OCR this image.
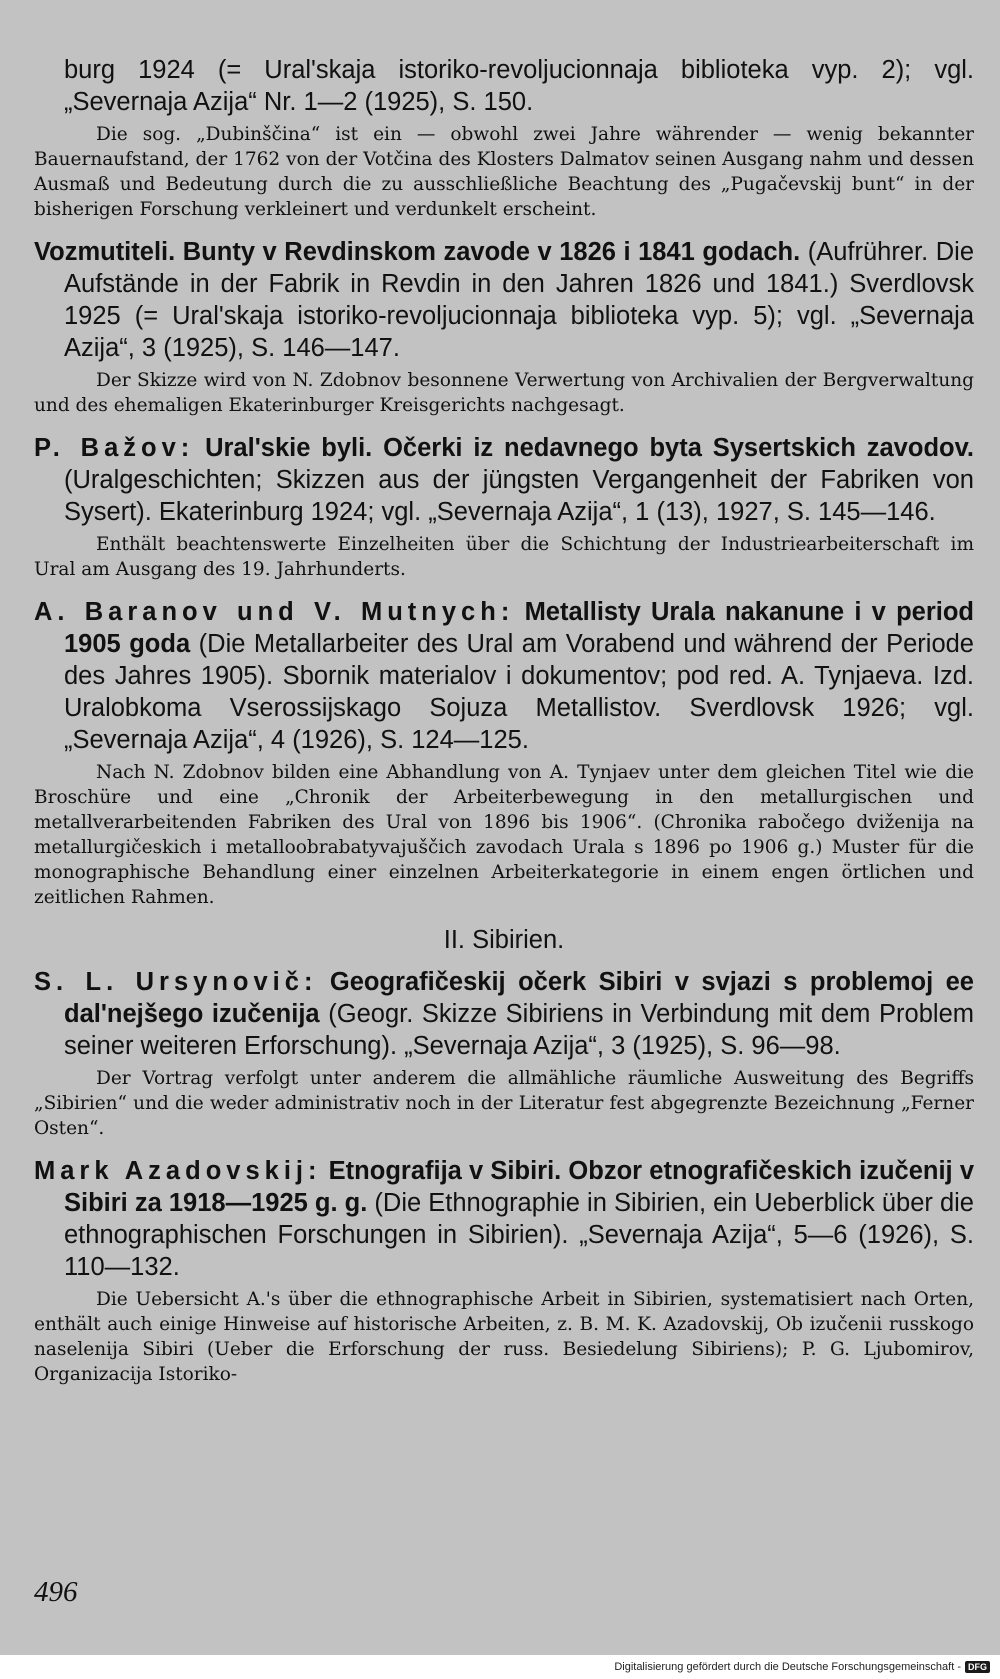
burg 1924 (= Ural'skaja istoriko-revoljucionnaja biblioteka vyp. 2); vgl. „Severnaja Azija“ Nr. 1—2 (1925), S. 150.
Die sog. „Dubinščina“ ist ein — obwohl zwei Jahre währender — wenig bekannter Bauernaufstand, der 1762 von der Votčina des Klosters Dalmatov seinen Ausgang nahm und dessen Ausmaß und Bedeutung durch die zu ausschließliche Beachtung des „Pugačevskij bunt“ in der bisherigen Forschung verkleinert und verdunkelt erscheint.
Vozmutiteli. Bunty v Revdinskom zavode v 1826 i 1841 godach. (Aufrührer. Die Aufstände in der Fabrik in Revdin in den Jahren 1826 und 1841.) Sverdlovsk 1925 (= Ural'skaja istoriko-revoljucionnaja biblioteka vyp. 5); vgl. „Severnaja Azija“, 3 (1925), S. 146—147.
Der Skizze wird von N. Zdobnov besonnene Verwertung von Archivalien der Bergverwaltung und des ehemaligen Ekaterinburger Kreisgerichts nachgesagt.
P. Bažov: Ural'skie byli. Očerki iz nedavnego byta Sysertskich zavodov. (Uralgeschichten; Skizzen aus der jüngsten Vergangenheit der Fabriken von Sysert). Ekaterinburg 1924; vgl. „Severnaja Azija“, 1 (13), 1927, S. 145—146.
Enthält beachtenswerte Einzelheiten über die Schichtung der Industriearbeiterschaft im Ural am Ausgang des 19. Jahrhunderts.
A. Baranov und V. Mutnych: Metallisty Urala nakanune i v period 1905 goda (Die Metallarbeiter des Ural am Vorabend und während der Periode des Jahres 1905). Sbornik materialov i dokumentov; pod red. A. Tynjaeva. Izd. Uralobkoma Vserossijskago Sojuza Metallistov. Sverdlovsk 1926; vgl. „Severnaja Azija“, 4 (1926), S. 124—125.
Nach N. Zdobnov bilden eine Abhandlung von A. Tynjaev unter dem gleichen Titel wie die Broschüre und eine „Chronik der Arbeiterbewegung in den metallurgischen und metallverarbeitenden Fabriken des Ural von 1896 bis 1906“. (Chronika rabočego dviženija na metallurgičeskich i metalloobrabatyvajuščich zavodach Urala s 1896 po 1906 g.) Muster für die monographische Behandlung einer einzelnen Arbeiterkategorie in einem engen örtlichen und zeitlichen Rahmen.
II. Sibirien.
S. L. Ursynovič: Geografičeskij očerk Sibiri v svjazi s problemoj ee dal'nejšego izučenija (Geogr. Skizze Sibiriens in Verbindung mit dem Problem seiner weiteren Erforschung). „Severnaja Azija“, 3 (1925), S. 96—98.
Der Vortrag verfolgt unter anderem die allmähliche räumliche Ausweitung des Begriffs „Sibirien“ und die weder administrativ noch in der Literatur fest abgegrenzte Bezeichnung „Ferner Osten“.
Mark Azadovskij: Etnografija v Sibiri. Obzor etnografičeskich izučenij v Sibiri za 1918—1925 g. g. (Die Ethnographie in Sibirien, ein Ueberblick über die ethnographischen Forschungen in Sibirien). „Severnaja Azija“, 5—6 (1926), S. 110—132.
Die Uebersicht A.'s über die ethnographische Arbeit in Sibirien, systematisiert nach Orten, enthält auch einige Hinweise auf historische Arbeiten, z. B. M. K. Azadovskij, Ob izučenii russkogo naselenija Sibiri (Ueber die Erforschung der russ. Besiedelung Sibiriens); P. G. Ljubomirov, Organizacija Istoriko-
496
Digitalisierung gefördert durch die Deutsche Forschungsgemeinschaft - DFG
